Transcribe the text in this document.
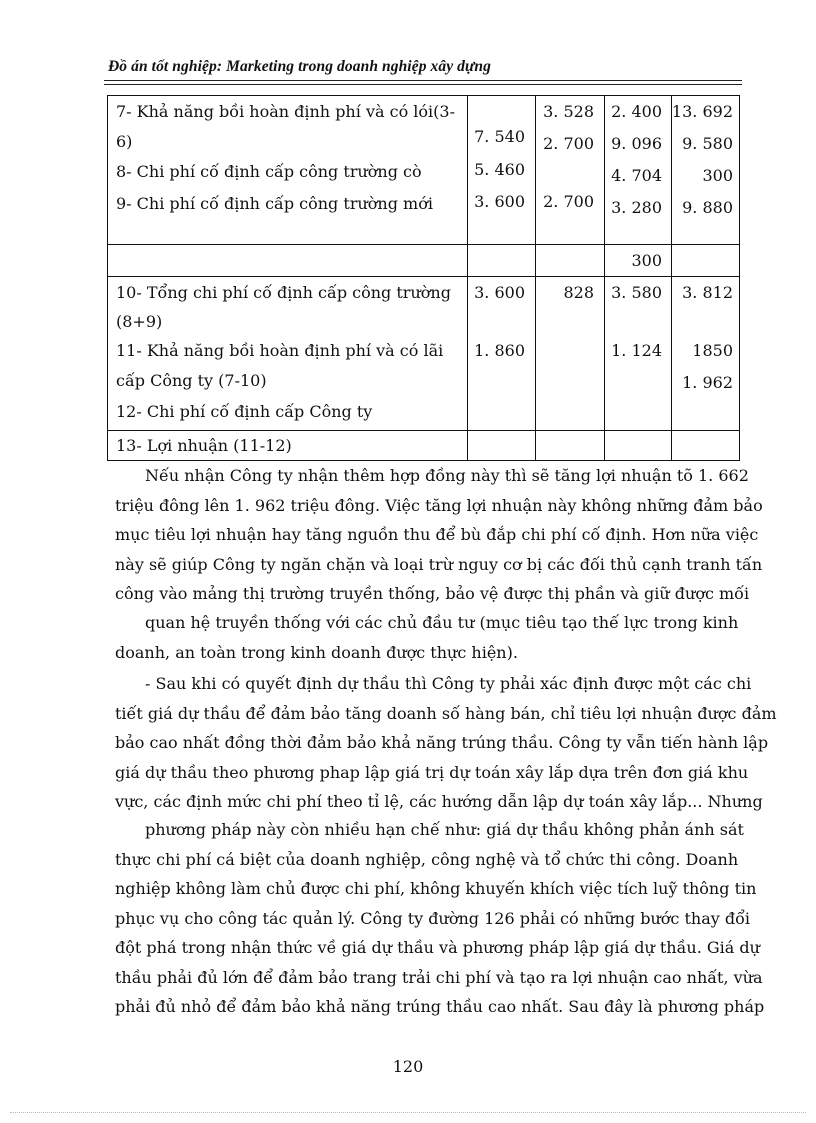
Đồ án tốt nghiệp: Marketing trong doanh nghiệp xây dựng
7- Khả năng bồi hoàn định phí và có lói(3-
6)
8- Chi phí cố định cấp công trường cò
9- Chi phí cố định cấp công trường mới
7. 540
5. 460
3. 600
3. 528
2. 700
2. 700
2. 400
9. 096
4. 704
3. 280
13. 692
9. 580
300
9. 880
300
10- Tổng chi phí cố định cấp công trường
(8+9)
11- Khả năng bồi hoàn định phí và có lãi
cấp Công ty (7-10)
12- Chi phí cố định cấp Công ty
3. 600
1. 860
828 3. 580
1. 124
3. 812
1850
1. 962
13- Lợi nhuận (11-12)
Nếu nhận Công ty nhận thêm hợp đồng này thì sẽ tăng lợi nhuận tõ 1. 662
triệu đông lên 1. 962 triệu đông. Việc tăng lợi nhuận này không những đảm bảo
mục tiêu lợi nhuận hay tăng nguồn thu để bù đắp chi phí cố định. Hơn nữa việc
này sẽ giúp Công ty ngăn chặn và loại trừ nguy cơ bị các đối thủ cạnh tranh tấn
công vào mảng thị trường truyền thống, bảo vệ được thị phần và giữ được mối
quan hệ truyền thống với các chủ đầu tư (mục tiêu tạo thế lực trong kinh
doanh, an toàn trong kinh doanh được thực hiện).
- Sau khi có quyết định dự thầu thì Công ty phải xác định được một các chi
tiết giá dự thầu để đảm bảo tăng doanh số hàng bán, chỉ tiêu lợi nhuận được đảm
bảo cao nhất đồng thời đảm bảo khả năng trúng thầu. Công ty vẫn tiến hành lập
giá dự thầu theo phương phap lập giá trị dự toán xây lắp dựa trên đơn giá khu
vực, các định mức chi phí theo tỉ lệ, các hướng dẫn lập dự toán xây lắp... Nhưng
phương pháp này còn nhiều hạn chế như: giá dự thầu không phản ánh sát
thực chi phí cá biệt của doanh nghiệp, công nghệ và tổ chức thi công. Doanh
nghiệp không làm chủ được chi phí, không khuyến khích việc tích luỹ thông tin
phục vụ cho công tác quản lý. Công ty đường 126 phải có những bước thay đổi
đột phá trong nhận thức về giá dự thầu và phương pháp lập giá dự thầu. Giá dự
thầu phải đủ lớn để đảm bảo trang trải chi phí và tạo ra lợi nhuận cao nhất, vừa
phải đủ nhỏ để đảm bảo khả năng trúng thầu cao nhất. Sau đây là phương pháp
120
